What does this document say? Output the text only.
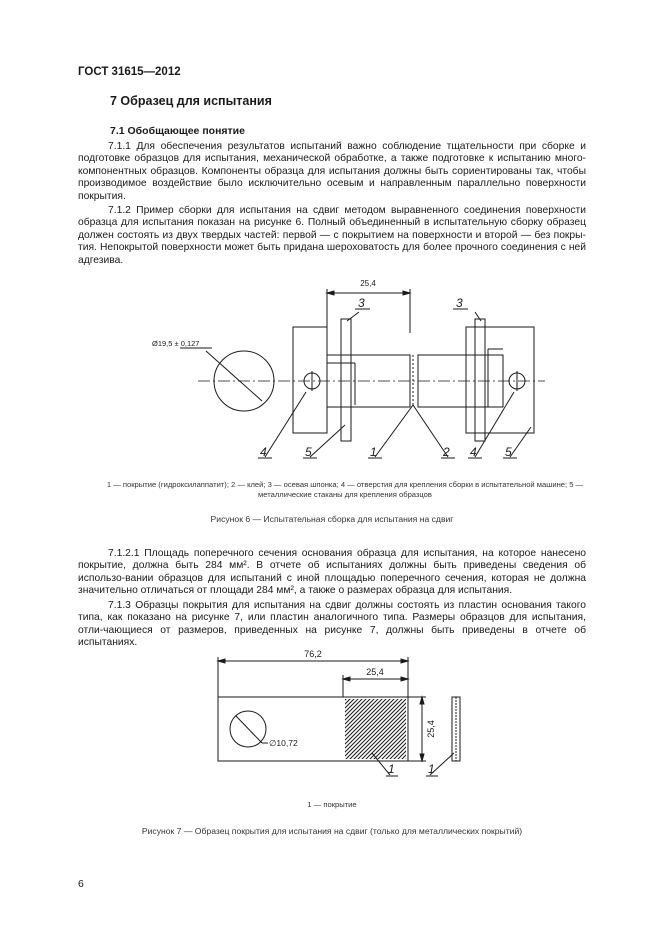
ГОСТ 31615—2012
7 Образец для испытания
7.1 Обобщающее понятие
7.1.1 Для обеспечения результатов испытаний важно соблюдение тщательности при сборке и подготовке образцов для испытания, механической обработке, а также подготовке к испытанию много-компонентных образцов. Компоненты образца для испытания должны быть сориентированы так, чтобы производимое воздействие было исключительно осевым и направленным параллельно поверхности покрытия.
7.1.2 Пример сборки для испытания на сдвиг методом выравненного соединения поверхности образца для испытания показан на рисунке 6. Полный объединенный в испытательную сборку образец должен состоять из двух твердых частей: первой — с покрытием на поверхности и второй — без покры-тия. Непокрытой поверхности может быть придана шероховатость для более прочного соединения с ней адгезива.
25,4
Ø19,5 ± 0,127
3	3
4	5	1	2 4 5
1 — покрытие (гидроксилаппатит); 2 — клей; 3 — осевая шпонка; 4 — отверстия для крепления сборки в испытательной машине; 5 — металлические стаканы для крепления образцов
Рисунок 6 — Испытательная сборка для испытания на сдвиг
7.1.2.1 Площадь поперечного сечения основания образца для испытания, на которое нанесено покрытие, должна быть 284 мм². В отчете об испытаниях должны быть приведены сведения об использо-вании образцов для испытаний с иной площадью поперечного сечения, которая не должна значительно отличаться от площади 284 мм², а также о размерах образца для испытания.
7.1.3 Образцы покрытия для испытания на сдвиг должны состоять из пластин основания такого типа, как показано на рисунке 7, или пластин аналогичного типа. Размеры образцов для испытания, отли-чающиеся от размеров, приведенных на рисунке 7, должны быть приведены в отчете об испытаниях.
76,2
25,4
25,4
∅10,72
1	1
1 — покрытие
Рисунок 7 — Образец покрытия для испытания на сдвиг (только для металлических покрытий)
6
